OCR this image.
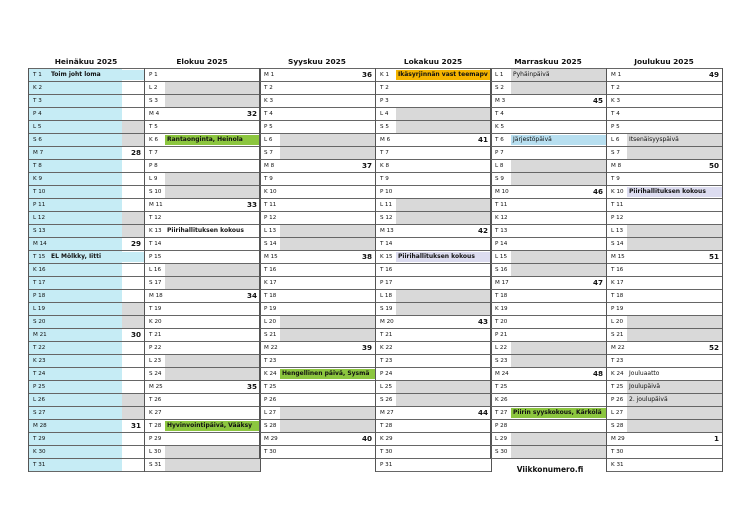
Heinäkuu 2025
T 1	Toim joht loma
K 2
T 3
P 4
L 5
S 6
M 7	28
T 8
K 9
T 10
P 11
L 12
S 13
M 14	29
T 15 EL Mölkky, Iitti
K 16
T 17
P 18
L 19
S 20
M 21	30
T 22
K 23
T 24
P 25
L 26
S 27
M 28	31
T 29
K 30
T 31
Elokuu 2025
P 1
L 2
S 3
M 4	32
T 5
K 6	Rantaonginta, Heinola
T 7
P 8
L 9
S 10
M 11	33
T 12
K 13 Piirihallituksen kokous
T 14
P 15
L 16
S 17
M 18	34
T 19
K 20
T 21
P 22
L 23
S 24
M 25	35
T 26
K 27
T 28 Hyvinvointipäivä, Vääksy
P 29
L 30
S 31
Syyskuu 2025
M 1	36
T 2
K 3
T 4
P 5
L 6
S 7
M 8	37
T 9
K 10
T 11
P 12
L 13
S 14
M 15	38
T 16
K 17
T 18
P 19
L 20
S 21
M 22	39
T 23
K 24 Hengellinen päivä, Sysmä
T 25
P 26
L 27
S 28
M 29	40
T 30
Lokakuu 2025
K 1	Ikäsyrjinnän vast teemapv
T 2
P 3
L 4
S 5
M 6	41
T 7
K 8
T 9
P 10
L 11
S 12
M 13	42
T 14
K 15 Piirihallituksen kokous
T 16
P 17
L 18
S 19
M 20	43
T 21
K 22
T 23
P 24
L 25
S 26
M 27	44
T 28
K 29
T 30
P 31
Marraskuu 2025
L 1	Pyhäinpäivä
S 2
M 3	45
T 4
K 5
T 6	Järjestöpäivä
P 7
L 8
S 9
M 10	46
T 11
K 12
T 13
P 14
L 15
S 16
M 17	47
T 18
K 19
T 20
P 21
L 22
S 23
M 24	48
T 25
K 26
T 27 Piirin syyskokous, Kärkölä
P 28
L 29
S 30
Joulukuu 2025
M 1	49
T 2
K 3
T 4
P 5
L 6	Itsenäisyyspäivä
S 7
M 8	50
T 9
K 10 Piirihallituksen kokous
T 11
P 12
L 13
S 14
M 15	51
T 16
K 17
T 18
P 19
L 20
S 21
M 22	52
T 23
K 24 Jouluaatto
T 25 Joulupäivä
P 26 2. joulupäivä
L 27
S 28
M 29	1
T 30
K 31
Viikkonumero.fi
